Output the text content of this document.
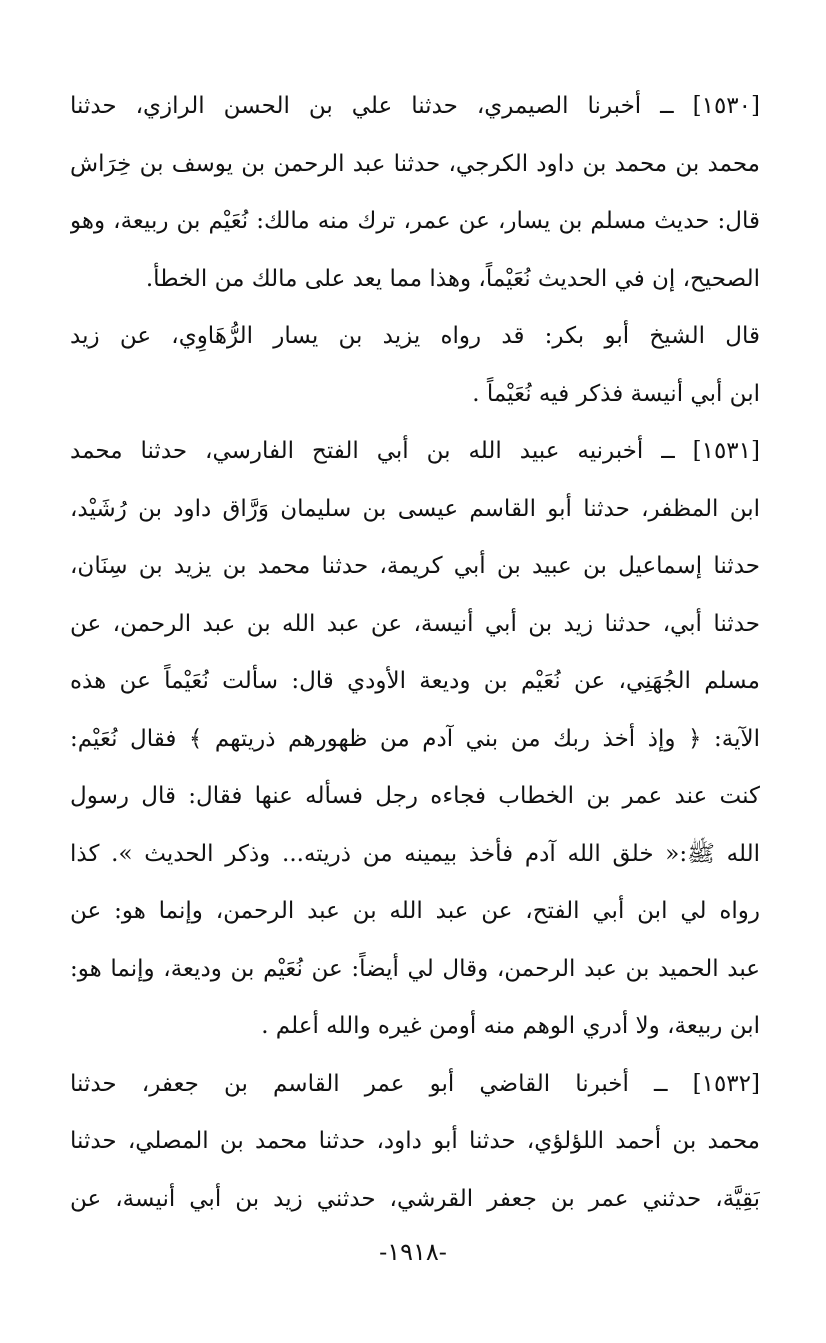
[١٥٣٠] ــ أخبرنا الصيمري، حدثنا علي بن الحسن الرازي، حدثنا
محمد بن محمد بن داود الكرجي، حدثنا عبد الرحمن بن يوسف بن خِرَاش
قال: حديث مسلم بن يسار، عن عمر، ترك منه مالك: نُعَيْم بن ربيعة، وهو
الصحيح، إن في الحديث نُعَيْماً، وهذا مما يعد على مالك من الخطأ.
قال الشيخ أبو بكر: قد رواه يزيد بن يسار الرُّهَاوِي، عن زيد
ابن أبي أنيسة فذكر فيه نُعَيْماً .
[١٥٣١] ــ أخبرنيه عبيد الله بن أبي الفتح الفارسي، حدثنا محمد
ابن المظفر، حدثنا أبو القاسم عيسى بن سليمان وَرَّاق داود بن رُشَيْد،
حدثنا إسماعيل بن عبيد بن أبي كريمة، حدثنا محمد بن يزيد بن سِنَان،
حدثنا أبي، حدثنا زيد بن أبي أنيسة، عن عبد الله بن عبد الرحمن، عن
مسلم الجُهَنِي، عن نُعَيْم بن وديعة الأودي قال: سألت نُعَيْماً عن هذه
الآية: ﴿ وإذ أخذ ربك من بني آدم من ظهورهم ذريتهم ﴾ فقال نُعَيْم:
كنت عند عمر بن الخطاب فجاءه رجل فسأله عنها فقال: قال رسول
الله ﷺ:« خلق الله آدم فأخذ بيمينه من ذريته... وذكر الحديث ». كذا
رواه لي ابن أبي الفتح، عن عبد الله بن عبد الرحمن، وإنما هو: عن
عبد الحميد بن عبد الرحمن، وقال لي أيضاً: عن نُعَيْم بن وديعة، وإنما هو:
ابن ربيعة، ولا أدري الوهم منه أومن غيره والله أعلم .
[١٥٣٢] ــ أخبرنا القاضي أبو عمر القاسم بن جعفر، حدثنا
محمد بن أحمد اللؤلؤي، حدثنا أبو داود، حدثنا محمد بن المصلي، حدثنا
بَقِيَّة، حدثني عمر بن جعفر القرشي، حدثني زيد بن أبي أنيسة، عن
-١٩١٨-
